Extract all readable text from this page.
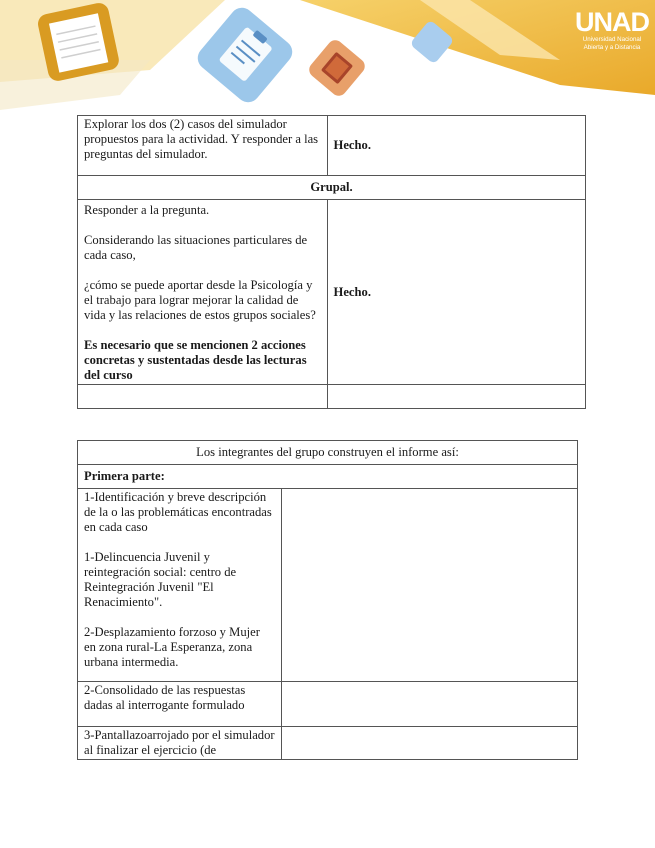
UNAD
Universidad Nacional
Abierta y a Distancia
Explorar los dos (2) casos del simulador propuestos para la actividad. Y responder a las preguntas del simulador.	Hecho.
Grupal.	

Responder a la pregunta.

Considerando las situaciones particulares de cada caso,

¿cómo se puede aportar desde la Psicología y el trabajo para lograr mejorar la calidad de vida y las relaciones de estos grupos sociales?

Es necesario que se mencionen 2 acciones concretas y sustentadas desde las lecturas del curso	Hecho.

Los integrantes del grupo construyen el informe así:	
Primera parte:	

1-Identificación y breve descripción de la o las problemáticas encontradas en cada caso

1-Delincuencia Juvenil y reintegración social: centro de Reintegración Juvenil "El Renacimiento".

2-Desplazamiento forzoso y Mujer en zona rural-La Esperanza, zona urbana intermedia.	

2-Consolidado de las respuestas dadas al interrogante formulado	
3-Pantallazoarrojado por el simulador al finalizar el ejercicio (de	
